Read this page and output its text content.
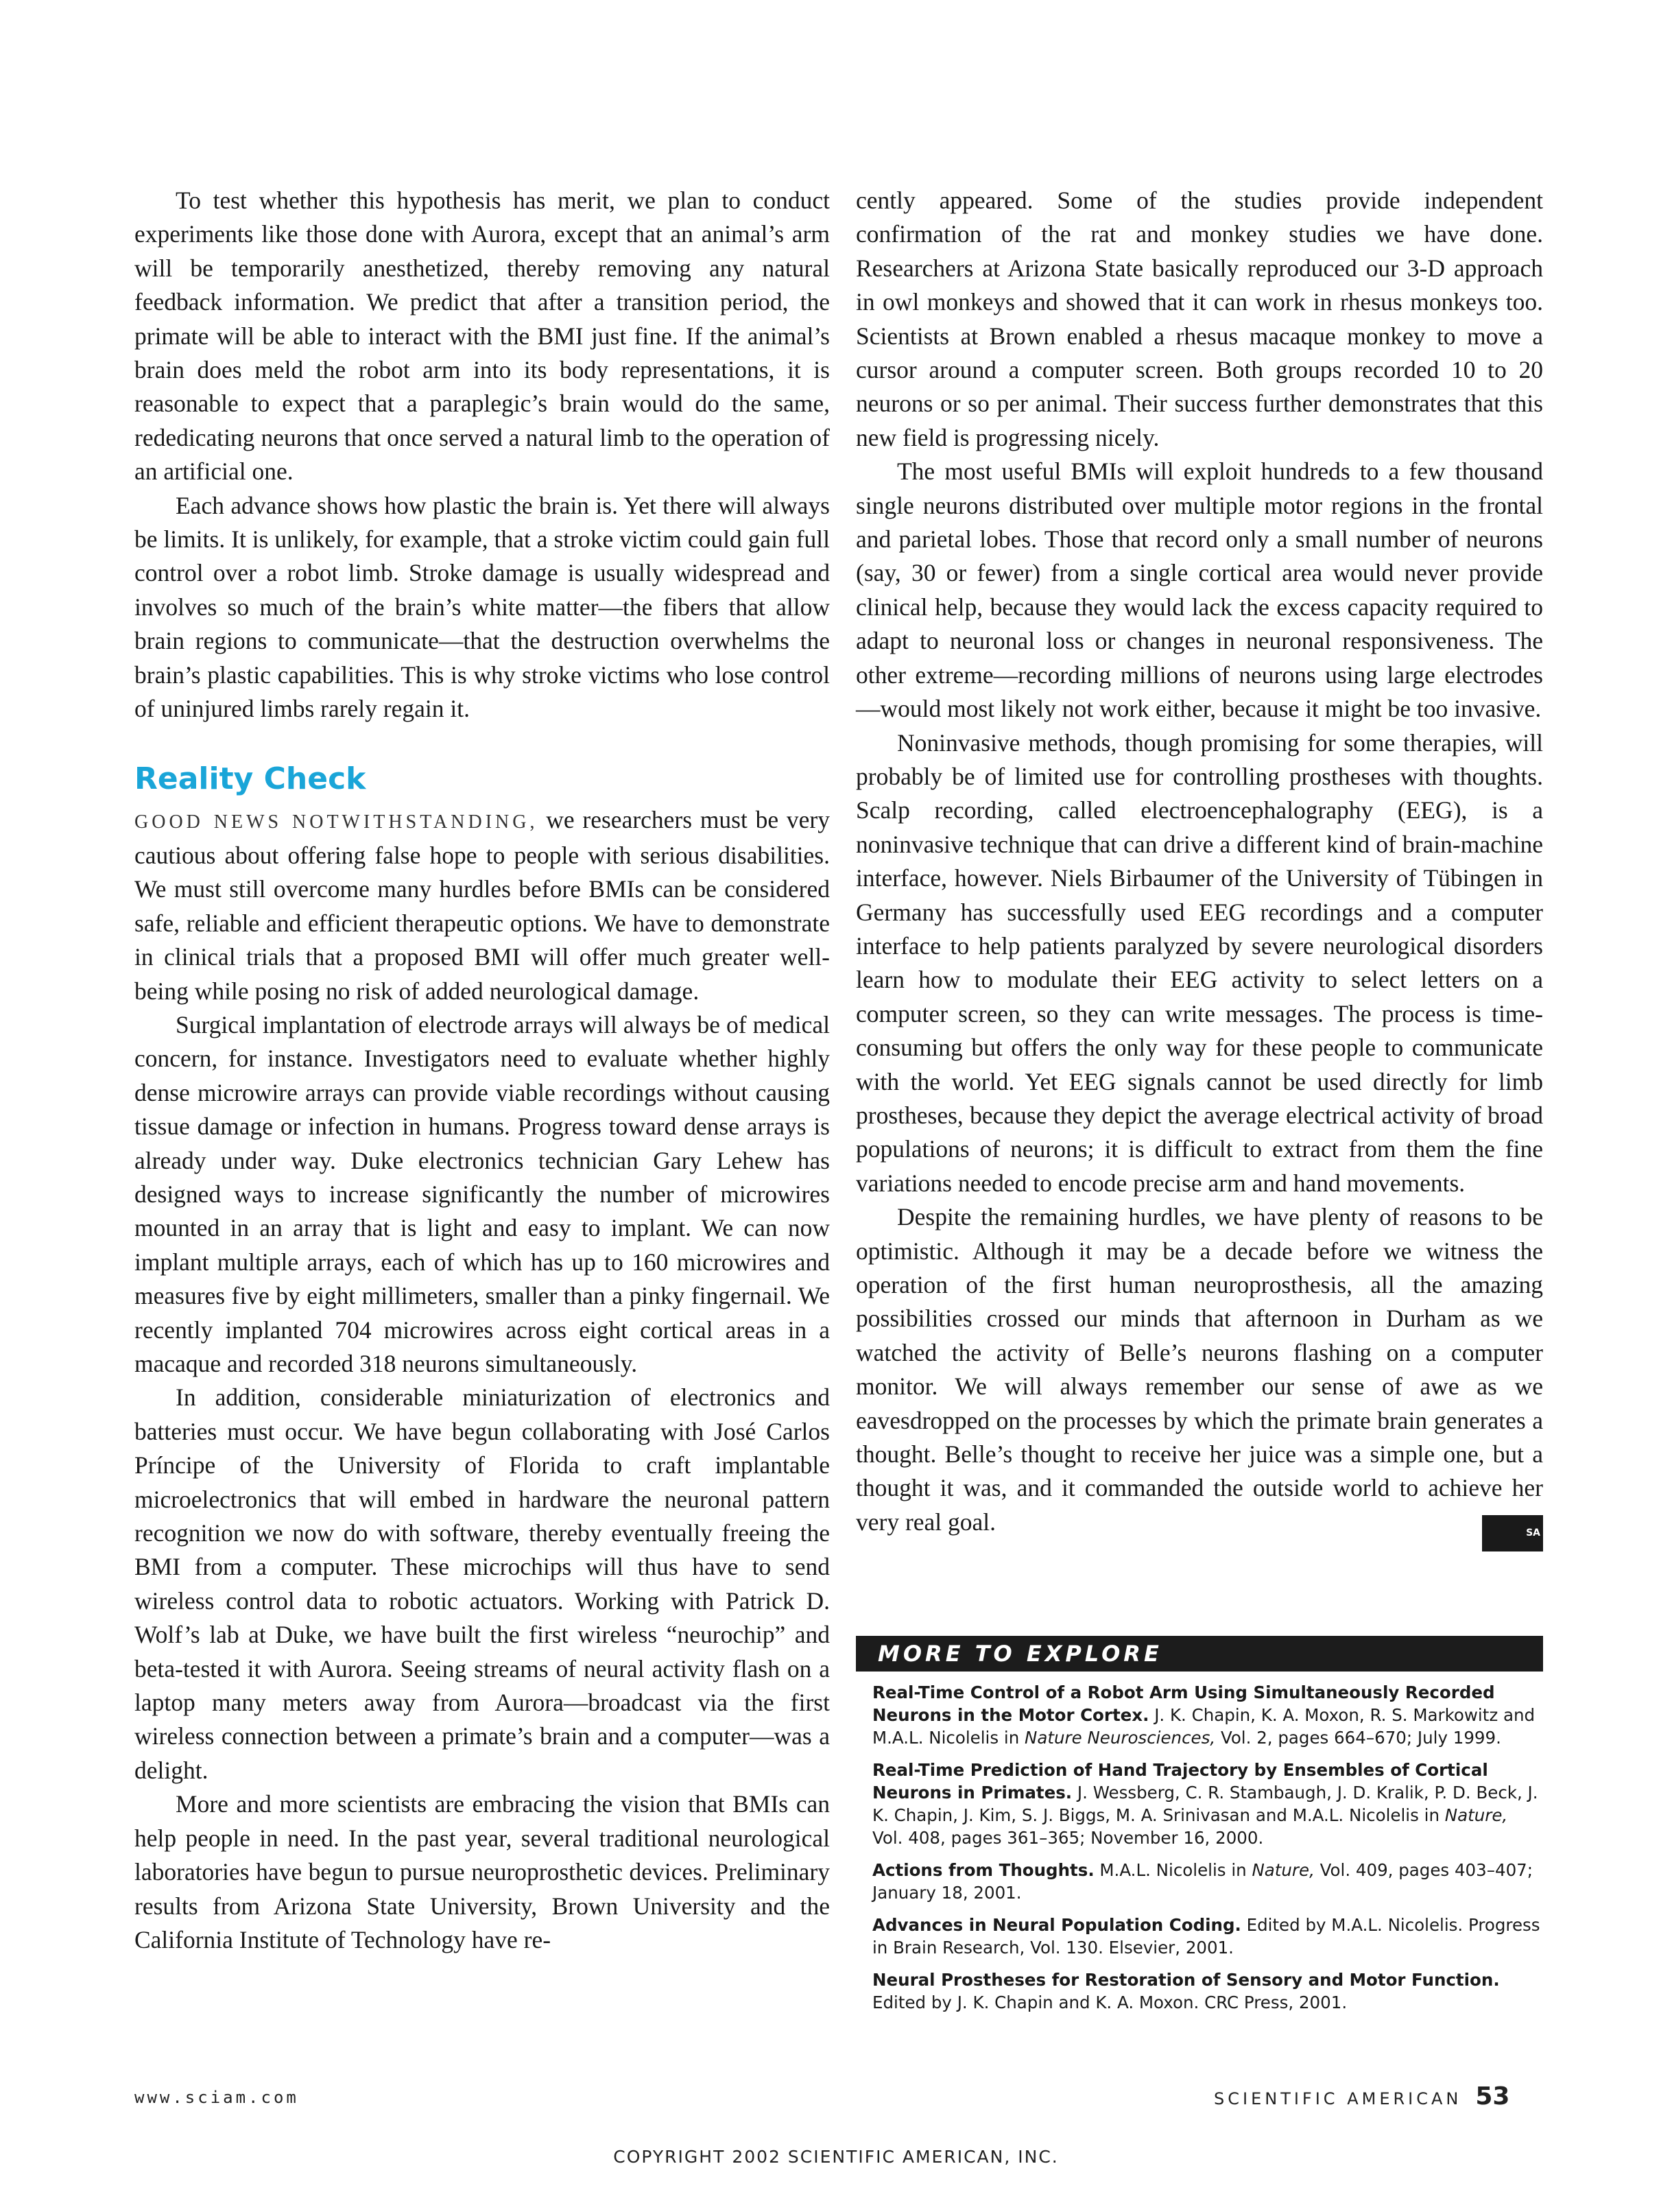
To test whether this hypothesis has merit, we plan to conduct experiments like those done with Aurora, except that an animal’s arm will be temporarily anesthetized, thereby removing any natural feedback information. We predict that after a transition period, the primate will be able to interact with the BMI just fine. If the animal’s brain does meld the robot arm into its body representations, it is reasonable to expect that a paraplegic’s brain would do the same, rededicating neurons that once served a natural limb to the operation of an artificial one.

Each advance shows how plastic the brain is. Yet there will always be limits. It is unlikely, for example, that a stroke victim could gain full control over a robot limb. Stroke damage is usually widespread and involves so much of the brain’s white matter—the fibers that allow brain regions to communicate—that the destruction overwhelms the brain’s plastic capabilities. This is why stroke victims who lose control of uninjured limbs rarely regain it.

Reality Check

GOOD NEWS NOTWITHSTANDING, we researchers must be very cautious about offering false hope to people with serious disabilities. We must still overcome many hurdles before BMIs can be considered safe, reliable and efficient therapeutic options. We have to demonstrate in clinical trials that a proposed BMI will offer much greater well-being while posing no risk of added neurological damage.

Surgical implantation of electrode arrays will always be of medical concern, for instance. Investigators need to evaluate whether highly dense microwire arrays can provide viable recordings without causing tissue damage or infection in humans. Progress toward dense arrays is already under way. Duke electronics technician Gary Lehew has designed ways to increase significantly the number of microwires mounted in an array that is light and easy to implant. We can now implant multiple arrays, each of which has up to 160 microwires and measures five by eight millimeters, smaller than a pinky fingernail. We recently implanted 704 microwires across eight cortical areas in a macaque and recorded 318 neurons simultaneously.

In addition, considerable miniaturization of electronics and batteries must occur. We have begun collaborating with José Carlos Príncipe of the University of Florida to craft implantable microelectronics that will embed in hardware the neuronal pattern recognition we now do with software, thereby eventually freeing the BMI from a computer. These microchips will thus have to send wireless control data to robotic actuators. Working with Patrick D. Wolf’s lab at Duke, we have built the first wireless “neurochip” and beta-tested it with Aurora. Seeing streams of neural activity flash on a laptop many meters away from Aurora—broadcast via the first wireless connection between a primate’s brain and a computer—was a delight.

More and more scientists are embracing the vision that BMIs can help people in need. In the past year, several traditional neurological laboratories have begun to pursue neuroprosthetic devices. Preliminary results from Arizona State University, Brown University and the California Institute of Technology have re-

cently appeared. Some of the studies provide independent confirmation of the rat and monkey studies we have done. Researchers at Arizona State basically reproduced our 3-D approach in owl monkeys and showed that it can work in rhesus monkeys too. Scientists at Brown enabled a rhesus macaque monkey to move a cursor around a computer screen. Both groups recorded 10 to 20 neurons or so per animal. Their success further demonstrates that this new field is progressing nicely.

The most useful BMIs will exploit hundreds to a few thousand single neurons distributed over multiple motor regions in the frontal and parietal lobes. Those that record only a small number of neurons (say, 30 or fewer) from a single cortical area would never provide clinical help, because they would lack the excess capacity required to adapt to neuronal loss or changes in neuronal responsiveness. The other extreme—recording millions of neurons using large electrodes—would most likely not work either, because it might be too invasive.

Noninvasive methods, though promising for some therapies, will probably be of limited use for controlling prostheses with thoughts. Scalp recording, called electroencephalography (EEG), is a noninvasive technique that can drive a different kind of brain-machine interface, however. Niels Birbaumer of the University of Tübingen in Germany has successfully used EEG recordings and a computer interface to help patients paralyzed by severe neurological disorders learn how to modulate their EEG activity to select letters on a computer screen, so they can write messages. The process is time-consuming but offers the only way for these people to communicate with the world. Yet EEG signals cannot be used directly for limb prostheses, because they depict the average electrical activity of broad populations of neurons; it is difficult to extract from them the fine variations needed to encode precise arm and hand movements.

Despite the remaining hurdles, we have plenty of reasons to be optimistic. Although it may be a decade before we witness the operation of the first human neuroprosthesis, all the amazing possibilities crossed our minds that afternoon in Durham as we watched the activity of Belle’s neurons flashing on a computer monitor. We will always remember our sense of awe as we eavesdropped on the processes by which the primate brain generates a thought. Belle’s thought to receive her juice was a simple one, but a thought it was, and it commanded the outside world to achieve her very real goal.	SA

MORE TO EXPLORE

Real-Time Control of a Robot Arm Using Simultaneously Recorded Neurons in the Motor Cortex. J. K. Chapin, K. A. Moxon, R. S. Markowitz and M.A.L. Nicolelis in Nature Neurosciences, Vol. 2, pages 664–670; July 1999.

Real-Time Prediction of Hand Trajectory by Ensembles of Cortical Neurons in Primates. J. Wessberg, C. R. Stambaugh, J. D. Kralik, P. D. Beck, J. K. Chapin, J. Kim, S. J. Biggs, M. A. Srinivasan and M.A.L. Nicolelis in Nature, Vol. 408, pages 361–365; November 16, 2000.

Actions from Thoughts. M.A.L. Nicolelis in Nature, Vol. 409, pages 403–407; January 18, 2001.

Advances in Neural Population Coding. Edited by M.A.L. Nicolelis. Progress in Brain Research, Vol. 130. Elsevier, 2001.

Neural Prostheses for Restoration of Sensory and Motor Function. Edited by J. K. Chapin and K. A. Moxon. CRC Press, 2001.

www.sciam.com	SCIENTIFIC AMERICAN 53
COPYRIGHT 2002 SCIENTIFIC AMERICAN, INC.
